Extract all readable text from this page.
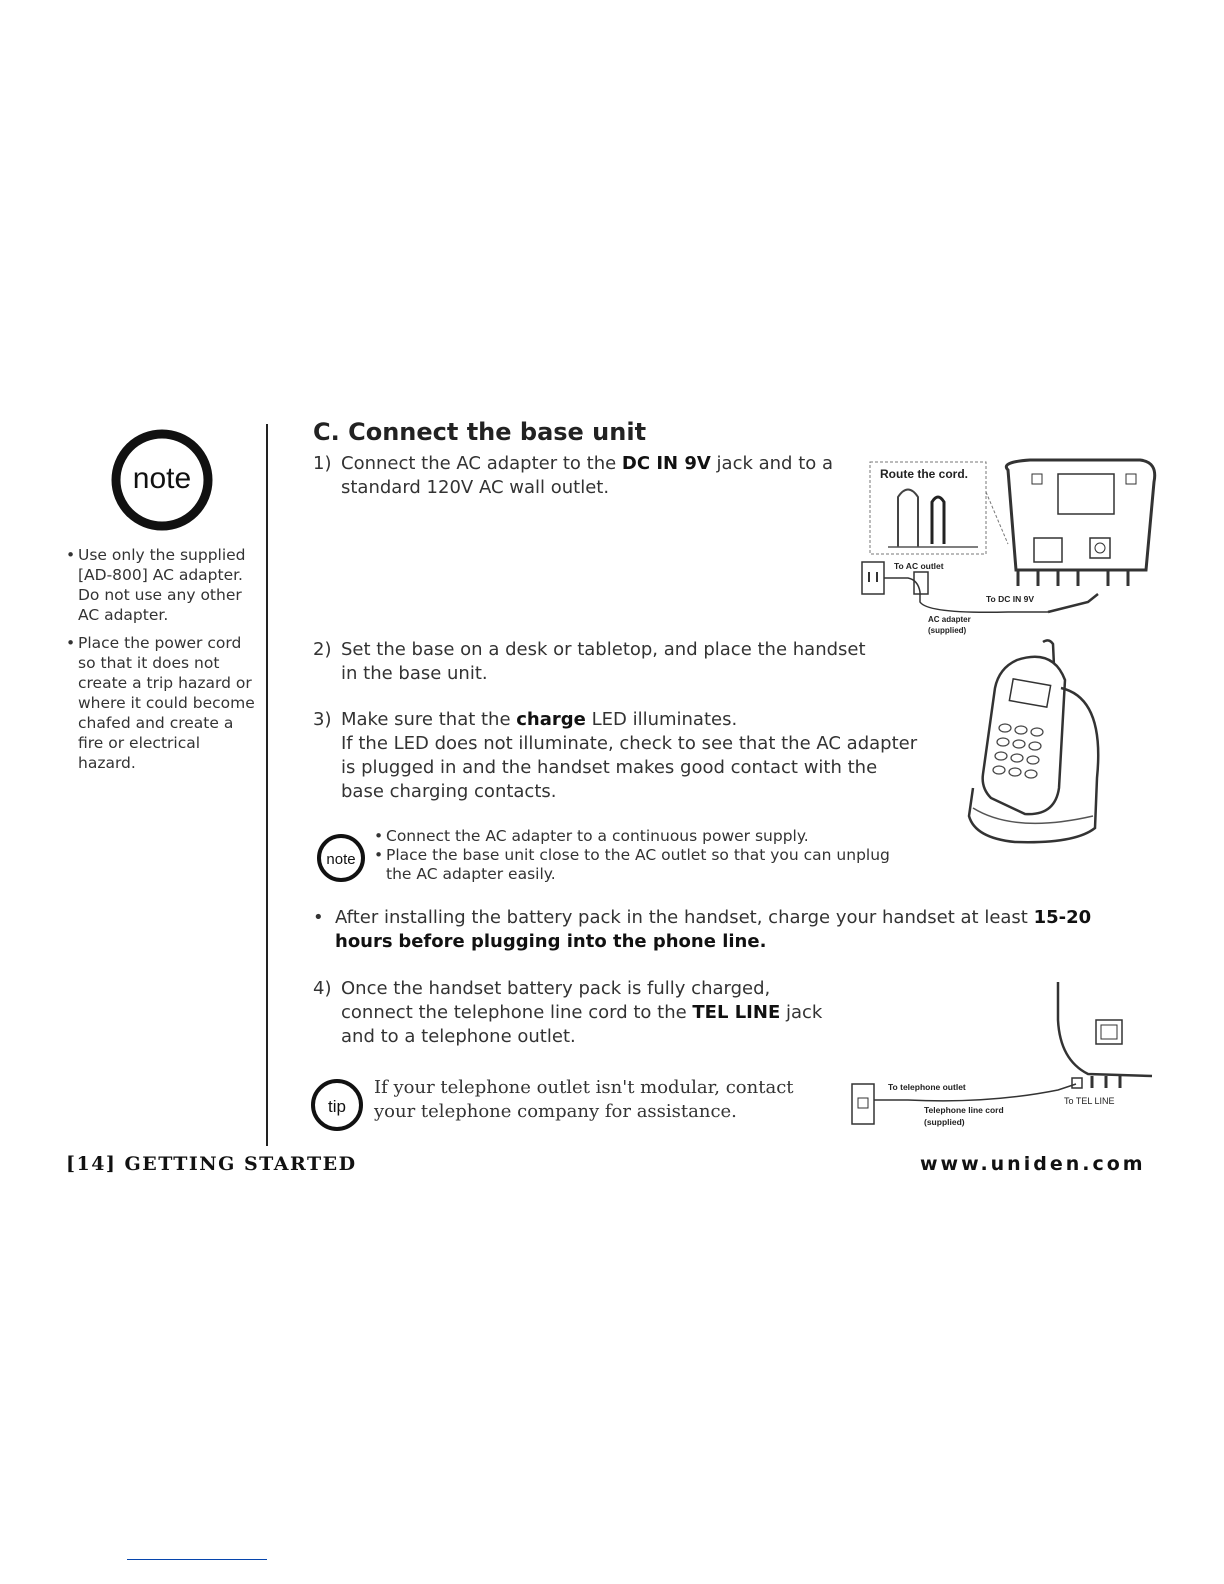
note
• Use only the supplied [AD-800] AC adapter. Do not use any other AC adapter.
• Place the power cord so that it does not create a trip hazard or where it could become chafed and create a fire or electrical hazard.
C. Connect the base unit
1) Connect the AC adapter to the DC IN 9V jack and to a standard 120V AC wall outlet.
Route the cord.
To AC outlet
To DC IN 9V
AC adapter
(supplied)
2) Set the base on a desk or tabletop, and place the handset in the base unit.
3) Make sure that the charge LED illuminates.
If the LED does not illuminate, check to see that the AC adapter is plugged in and the handset makes good contact with the base charging contacts.
note
• Connect the AC adapter to a continuous power supply.
• Place the base unit close to the AC outlet so that you can unplug the AC adapter easily.
• After installing the battery pack in the handset, charge your handset at least 15-20 hours before plugging into the phone line.
4) Once the handset battery pack is fully charged, connect the telephone line cord to the TEL LINE jack and to a telephone outlet.
To telephone outlet
Telephone line cord
(supplied)
To TEL LINE
tip
If your telephone outlet isn't modular, contact your telephone company for assistance.
[14] GETTING STARTED	www.uniden.com
